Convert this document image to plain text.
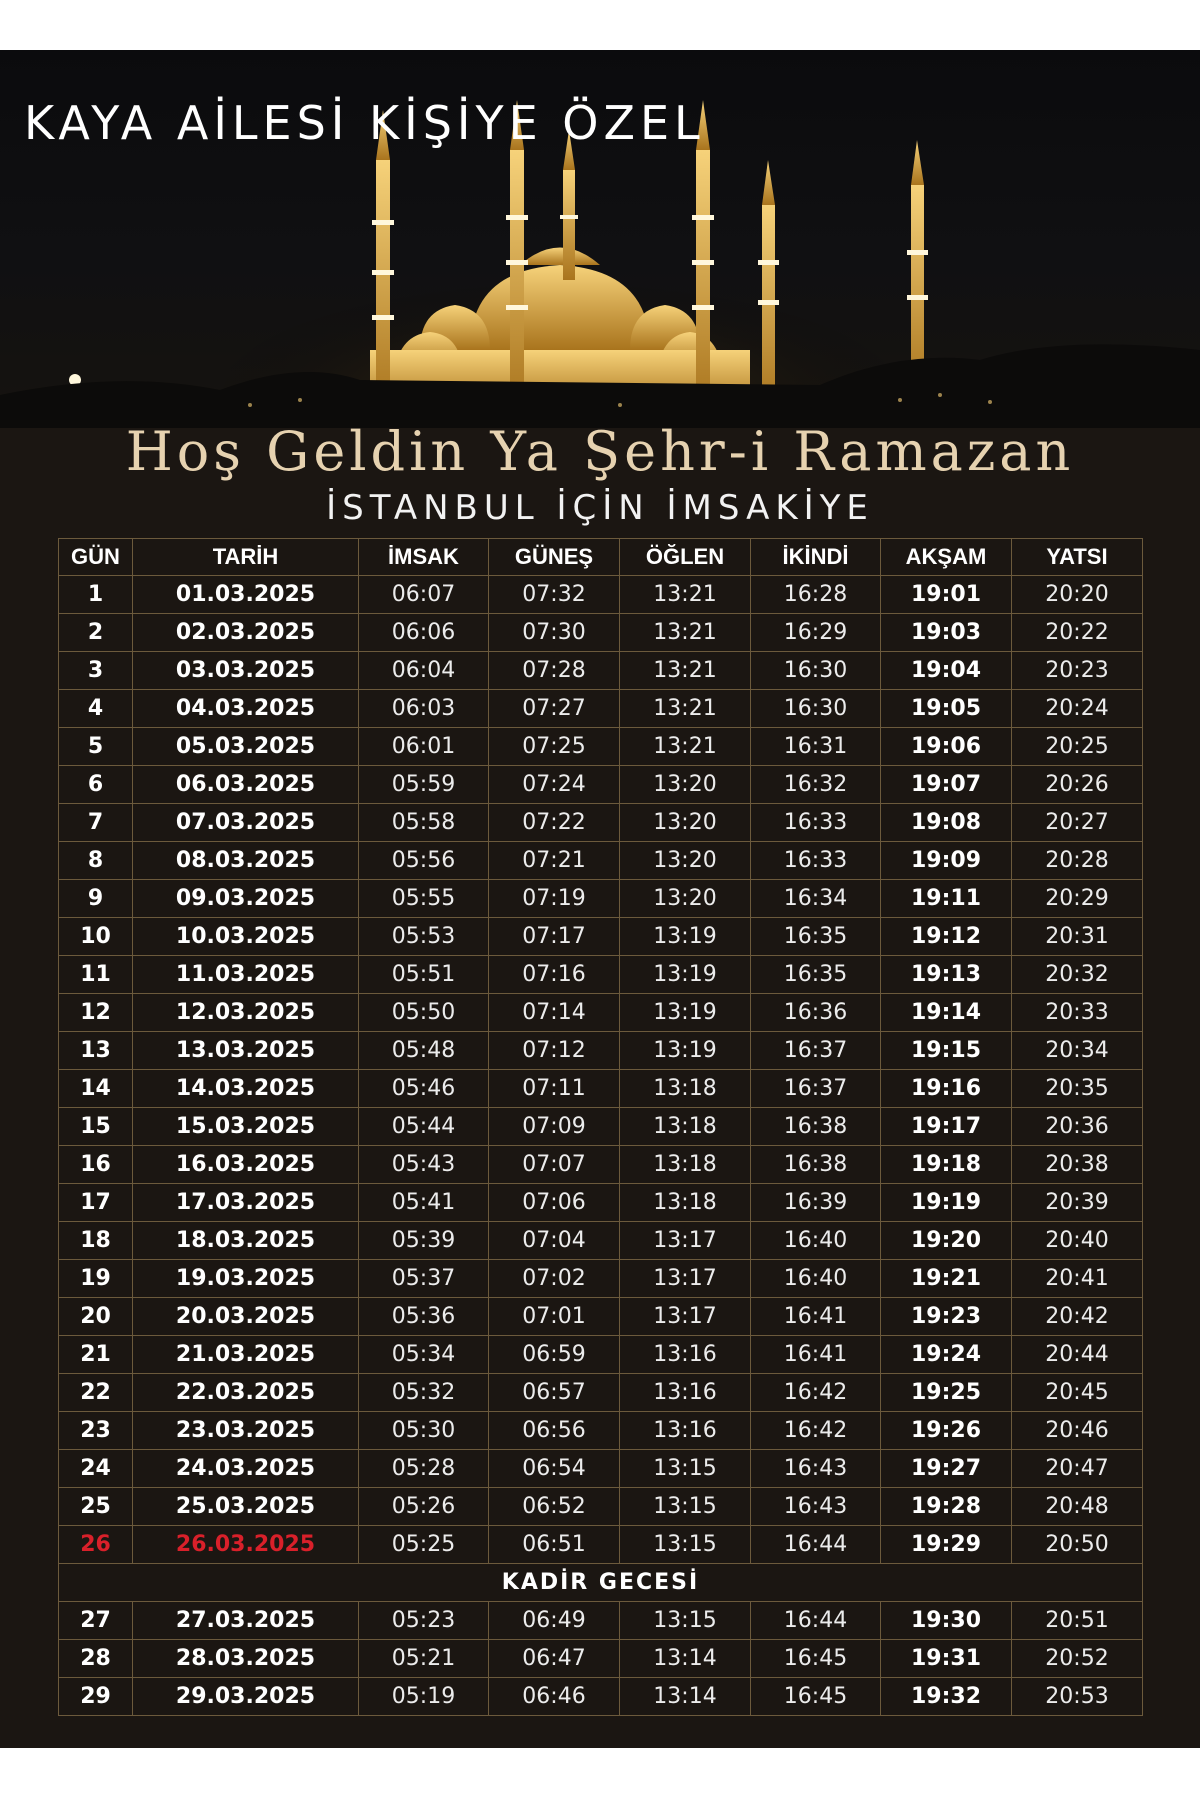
KAYA AİLESİ KİŞİYE ÖZEL
Hoş Geldin Ya Şehr-i Ramazan
İSTANBUL İÇİN İMSAKİYE
GÜN	TARİH	İMSAK	GÜNEŞ	ÖĞLEN	İKİNDİ	AKŞAM	YATSI
1	01.03.2025	06:07	07:32	13:21	16:28	19:01	20:20
2	02.03.2025	06:06	07:30	13:21	16:29	19:03	20:22
3	03.03.2025	06:04	07:28	13:21	16:30	19:04	20:23
4	04.03.2025	06:03	07:27	13:21	16:30	19:05	20:24
5	05.03.2025	06:01	07:25	13:21	16:31	19:06	20:25
6	06.03.2025	05:59	07:24	13:20	16:32	19:07	20:26
7	07.03.2025	05:58	07:22	13:20	16:33	19:08	20:27
8	08.03.2025	05:56	07:21	13:20	16:33	19:09	20:28
9	09.03.2025	05:55	07:19	13:20	16:34	19:11	20:29
10	10.03.2025	05:53	07:17	13:19	16:35	19:12	20:31
11	11.03.2025	05:51	07:16	13:19	16:35	19:13	20:32
12	12.03.2025	05:50	07:14	13:19	16:36	19:14	20:33
13	13.03.2025	05:48	07:12	13:19	16:37	19:15	20:34
14	14.03.2025	05:46	07:11	13:18	16:37	19:16	20:35
15	15.03.2025	05:44	07:09	13:18	16:38	19:17	20:36
16	16.03.2025	05:43	07:07	13:18	16:38	19:18	20:38
17	17.03.2025	05:41	07:06	13:18	16:39	19:19	20:39
18	18.03.2025	05:39	07:04	13:17	16:40	19:20	20:40
19	19.03.2025	05:37	07:02	13:17	16:40	19:21	20:41
20	20.03.2025	05:36	07:01	13:17	16:41	19:23	20:42
21	21.03.2025	05:34	06:59	13:16	16:41	19:24	20:44
22	22.03.2025	05:32	06:57	13:16	16:42	19:25	20:45
23	23.03.2025	05:30	06:56	13:16	16:42	19:26	20:46
24	24.03.2025	05:28	06:54	13:15	16:43	19:27	20:47
25	25.03.2025	05:26	06:52	13:15	16:43	19:28	20:48
26	26.03.2025	05:25	06:51	13:15	16:44	19:29	20:50
KADİR GECESİ							
27	27.03.2025	05:23	06:49	13:15	16:44	19:30	20:51
28	28.03.2025	05:21	06:47	13:14	16:45	19:31	20:52
29	29.03.2025	05:19	06:46	13:14	16:45	19:32	20:53
